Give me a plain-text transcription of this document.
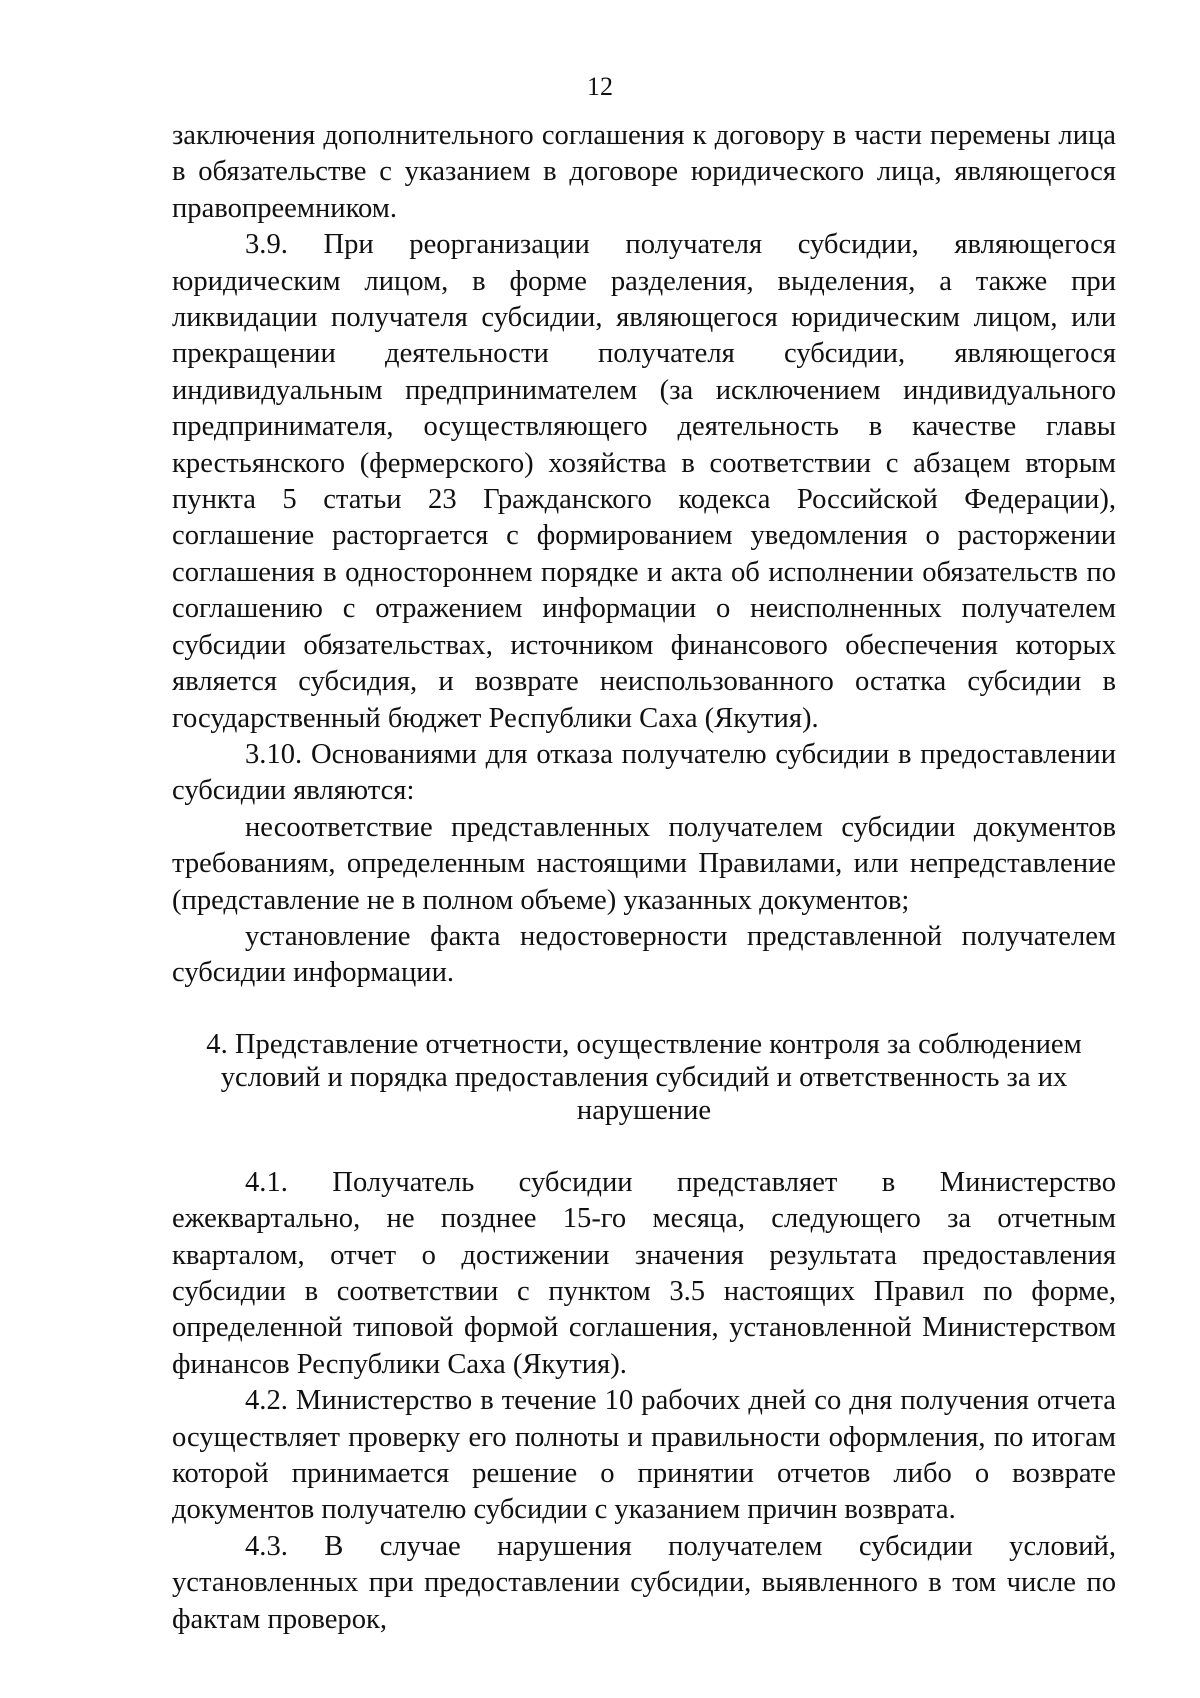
12

заключения дополнительного соглашения к договору в части перемены лица в обязательстве с указанием в договоре юридического лица, являющегося правопреемником.

3.9. При реорганизации получателя субсидии, являющегося юридическим лицом, в форме разделения, выделения, а также при ликвидации получателя субсидии, являющегося юридическим лицом, или прекращении деятельности получателя субсидии, являющегося индивидуальным предпринимателем (за исключением индивидуального предпринимателя, осуществляющего деятельность в качестве главы крестьянского (фермерского) хозяйства в соответствии с абзацем вторым пункта 5 статьи 23 Гражданского кодекса Российской Федерации), соглашение расторгается с формированием уведомления о расторжении соглашения в одностороннем порядке и акта об исполнении обязательств по соглашению с отражением информации о неисполненных получателем субсидии обязательствах, источником финансового обеспечения которых является субсидия, и возврате неиспользованного остатка субсидии в государственный бюджет Республики Саха (Якутия).

3.10. Основаниями для отказа получателю субсидии в предоставлении субсидии являются:

несоответствие представленных получателем субсидии документов требованиям, определенным настоящими Правилами, или непредставление (представление не в полном объеме) указанных документов;

установление факта недостоверности представленной получателем субсидии информации.

4. Представление отчетности, осуществление контроля за соблюдением
условий и порядка предоставления субсидий и ответственность за их
нарушение

4.1. Получатель субсидии представляет в Министерство ежеквартально, не позднее 15-го месяца, следующего за отчетным кварталом, отчет о достижении значения результата предоставления субсидии в соответствии с пунктом 3.5 настоящих Правил по форме, определенной типовой формой соглашения, установленной Министерством финансов Республики Саха (Якутия).

4.2. Министерство в течение 10 рабочих дней со дня получения отчета осуществляет проверку его полноты и правильности оформления, по итогам которой принимается решение о принятии отчетов либо о возврате документов получателю субсидии с указанием причин возврата.

4.3. В случае нарушения получателем субсидии условий, установленных при предоставлении субсидии, выявленного в том числе по фактам проверок,
